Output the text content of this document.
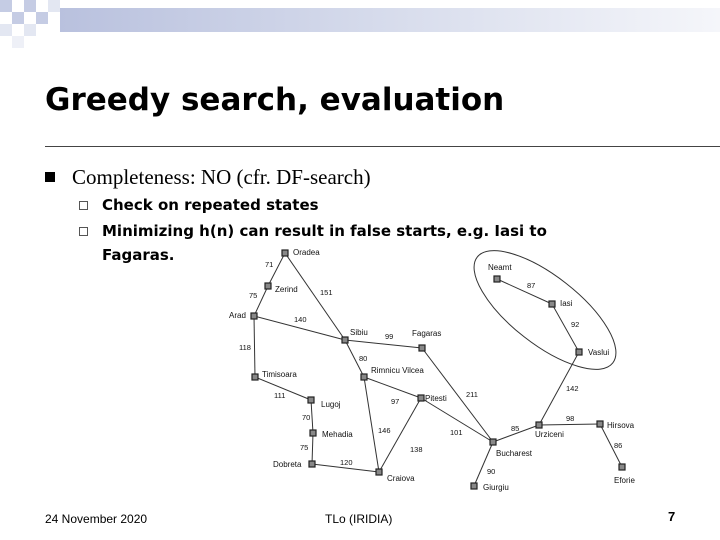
Greedy search, evaluation
Completeness: NO (cfr. DF-search)
Check on repeated states
Minimizing h(n) can result in false starts, e.g. Iasi to
Fagaras.	Oradea
Zerind
Arad
Sibiu	Fagaras
Rimnicu Vilcea
Timisoara
Lugoj
Mehadia
Dobreta
Craiova
Pitesti
Bucharest
Giurgiu
Urziceni
Hirsova
Eforie
Vaslui
Iasi
Neamt
71
75	151
140
118
99
80
111
70
75
120
97
146
138
101
211
90
85
98
86
142
92
87
24 November 2020	TLo (IRIDIA)	7
